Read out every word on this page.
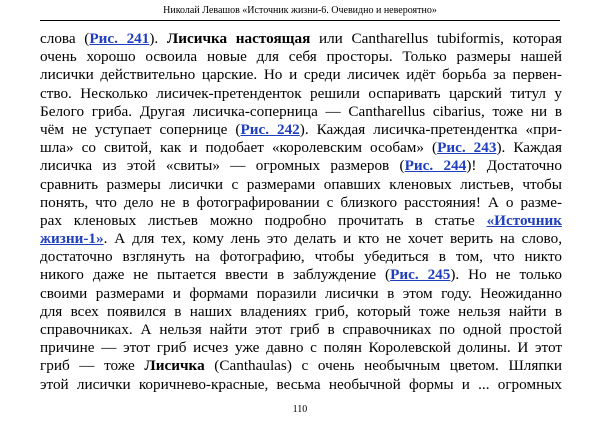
Николай Левашов «Источник жизни-6. Очевидно и невероятно»
слова (Рис. 241). Лисичка настоящая или Cantharellus tubiformis, которая
очень хорошо освоила новые для себя просторы. Только размеры нашей
лисички действительно царские. Но и среди лисичек идёт борьба за первен-
ство. Несколько лисичек-претенденток решили оспаривать царский титул у
Белого гриба. Другая лисичка-соперница — Cantharellus cibarius, тоже ни в
чём не уступает сопернице (Рис. 242). Каждая лисичка-претендентка «при-
шла» со свитой, как и подобает «королевским особам» (Рис. 243). Каждая
лисичка из этой «свиты» — огромных размеров (Рис. 244)! Достаточно
сравнить размеры лисички с размерами опавших кленовых листьев, чтобы
понять, что дело не в фотографировании с близкого расстояния! А о разме-
рах кленовых листьев можно подробно прочитать в статье «Источник
жизни-1». А для тех, кому лень это делать и кто не хочет верить на слово,
достаточно взглянуть на фотографию, чтобы убедиться в том, что никто
никого даже не пытается ввести в заблуждение (Рис. 245). Но не только
своими размерами и формами поразили лисички в этом году. Неожиданно
для всех появился в наших владениях гриб, который тоже нельзя найти в
справочниках. А нельзя найти этот гриб в справочниках по одной простой
причине — этот гриб исчез уже давно с полян Королевской долины. И этот
гриб — тоже Лисичка (Canthaulas) с очень необычным цветом. Шляпки
этой лисички коричнево-красные, весьма необычной формы и ... огромных
110
